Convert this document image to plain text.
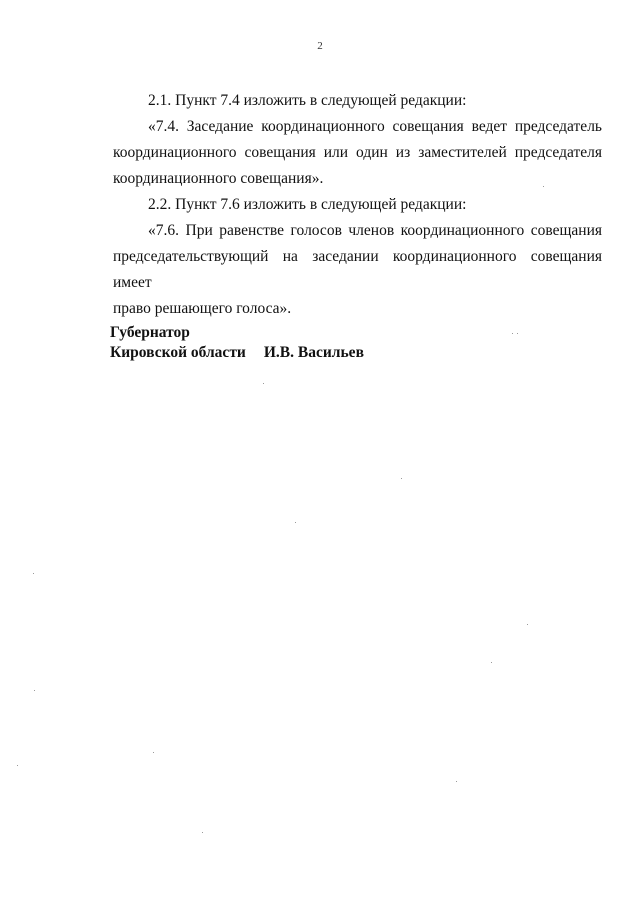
2
2.1. Пункт 7.4 изложить в следующей редакции:
«7.4. Заседание координационного совещания ведет председатель
координационного совещания или один из заместителей председателя
координационного совещания».
2.2. Пункт 7.6 изложить в следующей редакции:
«7.6. При равенстве голосов членов координационного совещания
председательствующий на заседании координационного совещания имеет
право решающего голоса».
Губернатор
Кировской области И.В. Васильев
